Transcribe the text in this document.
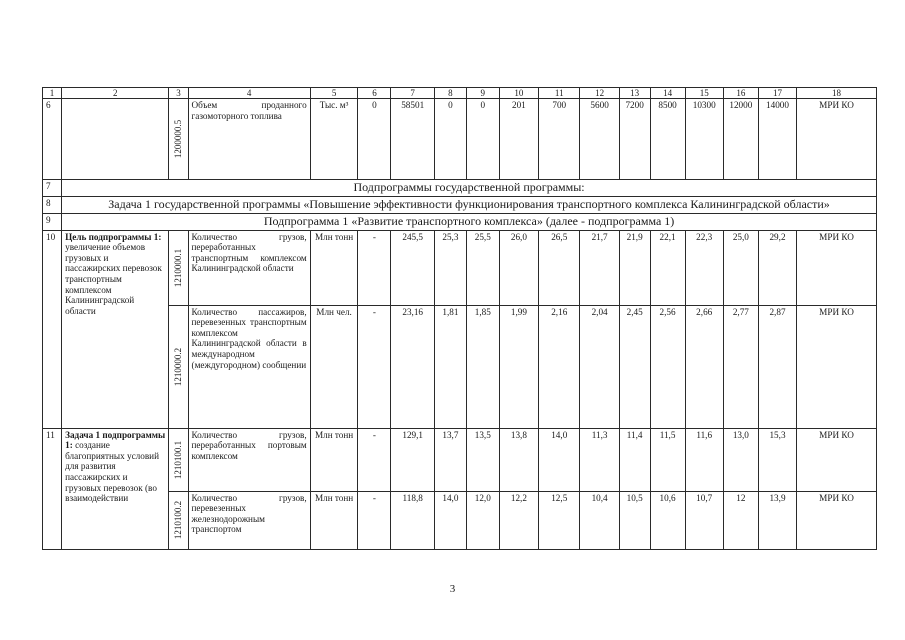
1	2	3	4	5	6	7	8	9	10	11	12	13	14	15	16	17	18
6		1200000.5	Объем проданного газомоторного топлива	Тыс. м³	0	58501	0	0	201	700	5600	7200	8500	10300	12000	14000	МРИ КО
7	Подпрограммы государственной программы:																
8	Задача 1 государственной программы «Повышение эффективности функционирования транспортного комплекса Калининградской области»																
9	Подпрограмма 1 «Развитие транспортного комплекса» (далее - подпрограмма 1)																
10	Цель подпрограммы 1: увеличение объемов грузовых и пассажирских перевозок транспортным комплексом Калининградской области	1210000.1	Количество грузов, переработанных транспортным комплексом Калининградской области	Млн тонн	-	245,5	25,3	25,5	26,0	26,5	21,7	21,9	22,1	22,3	25,0	29,2	МРИ КО

		1210000.2	Количество пассажиров, перевезенных транспортным комплексом Калининградской области в международном (междугородном) сообщении	Млн чел.	-	23,16	1,81	1,85	1,99	2,16	2,04	2,45	2,56	2,66	2,77	2,87	МРИ КО
11	Задача 1 подпрограммы 1: создание благоприятных условий для развития пассажирских и грузовых перевозок (во взаимодействии	1210100.1	Количество грузов, переработанных портовым комплексом	Млн тонн	-	129,1	13,7	13,5	13,8	14,0	11,3	11,4	11,5	11,6	13,0	15,3	МРИ КО

		1210100.2	Количество грузов, перевезенных железнодорожным транспортом	Млн тонн	-	118,8	14,0	12,0	12,2	12,5	10,4	10,5	10,6	10,7	12	13,9	МРИ КО
3
